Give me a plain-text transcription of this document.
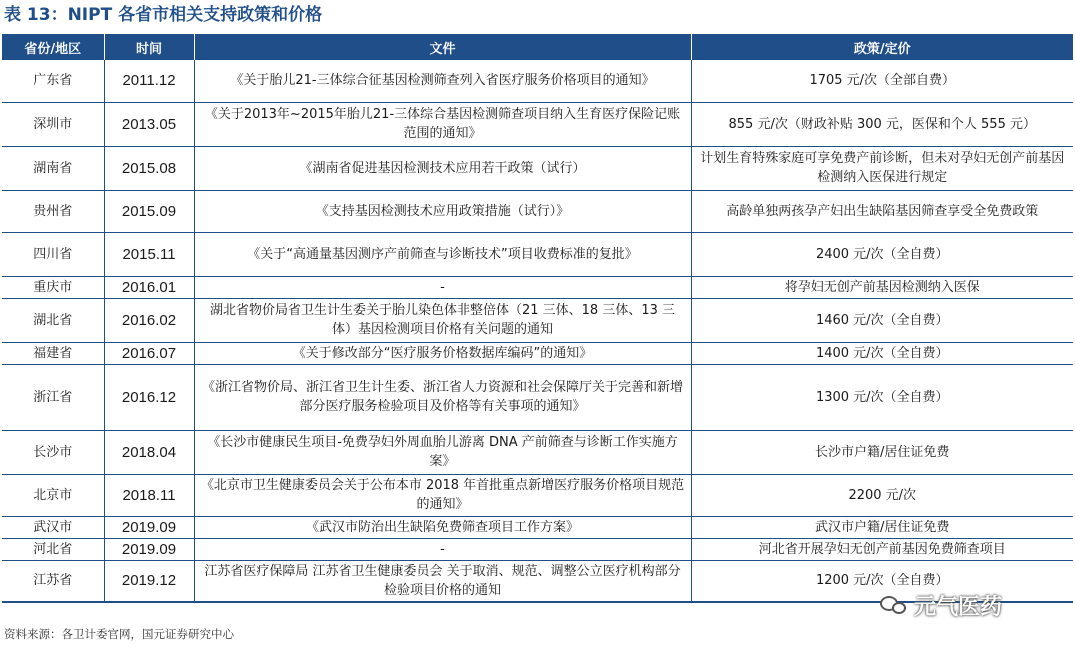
表 13：NIPT 各省市相关支持政策和价格
省份/地区	时间	文件	政策/定价
广东省	2011.12	《关于胎儿21-三体综合征基因检测筛查列入省医疗服务价格项目的通知》	1705 元/次（全部自费）
深圳市	2013.05	《关于2013年~2015年胎儿21-三体综合基因检测筛查项目纳入生育医疗保险记账范围的通知》	855 元/次（财政补贴 300 元，医保和个人 555 元）
湖南省	2015.08	《湖南省促进基因检测技术应用若干政策（试行）	计划生育特殊家庭可享免费产前诊断，但未对孕妇无创产前基因检测纳入医保进行规定
贵州省	2015.09	《支持基因检测技术应用政策措施（试行）》	高龄单独两孩孕产妇出生缺陷基因筛查享受全免费政策
四川省	2015.11	《关于“高通量基因测序产前筛查与诊断技术”项目收费标准的复批》	2400 元/次（全自费）
重庆市	2016.01	-	将孕妇无创产前基因检测纳入医保
湖北省	2016.02	湖北省物价局省卫生计生委关于胎儿染色体非整倍体（21 三体、18 三体、13 三体）基因检测项目价格有关问题的通知	1460 元/次（全自费）
福建省	2016.07	《关于修改部分“医疗服务价格数据库编码”的通知》	1400 元/次（全自费）
浙江省	2016.12	《浙江省物价局、浙江省卫生计生委、浙江省人力资源和社会保障厅关于完善和新增部分医疗服务检验项目及价格等有关事项的通知》	1300 元/次（全自费）
长沙市	2018.04	《长沙市健康民生项目-免费孕妇外周血胎儿游离 DNA 产前筛查与诊断工作实施方案》	长沙市户籍/居住证免费
北京市	2018.11	《北京市卫生健康委员会关于公布本市 2018 年首批重点新增医疗服务价格项目规范的通知》	2200 元/次
武汉市	2019.09	《武汉市防治出生缺陷免费筛查项目工作方案》	武汉市户籍/居住证免费
河北省	2019.09	-	河北省开展孕妇无创产前基因免费筛查项目
江苏省	2019.12	江苏省医疗保障局 江苏省卫生健康委员会 关于取消、规范、调整公立医疗机构部分检验项目价格的通知	1200 元/次（全自费）
资料来源：各卫计委官网，国元证券研究中心
元气医药
